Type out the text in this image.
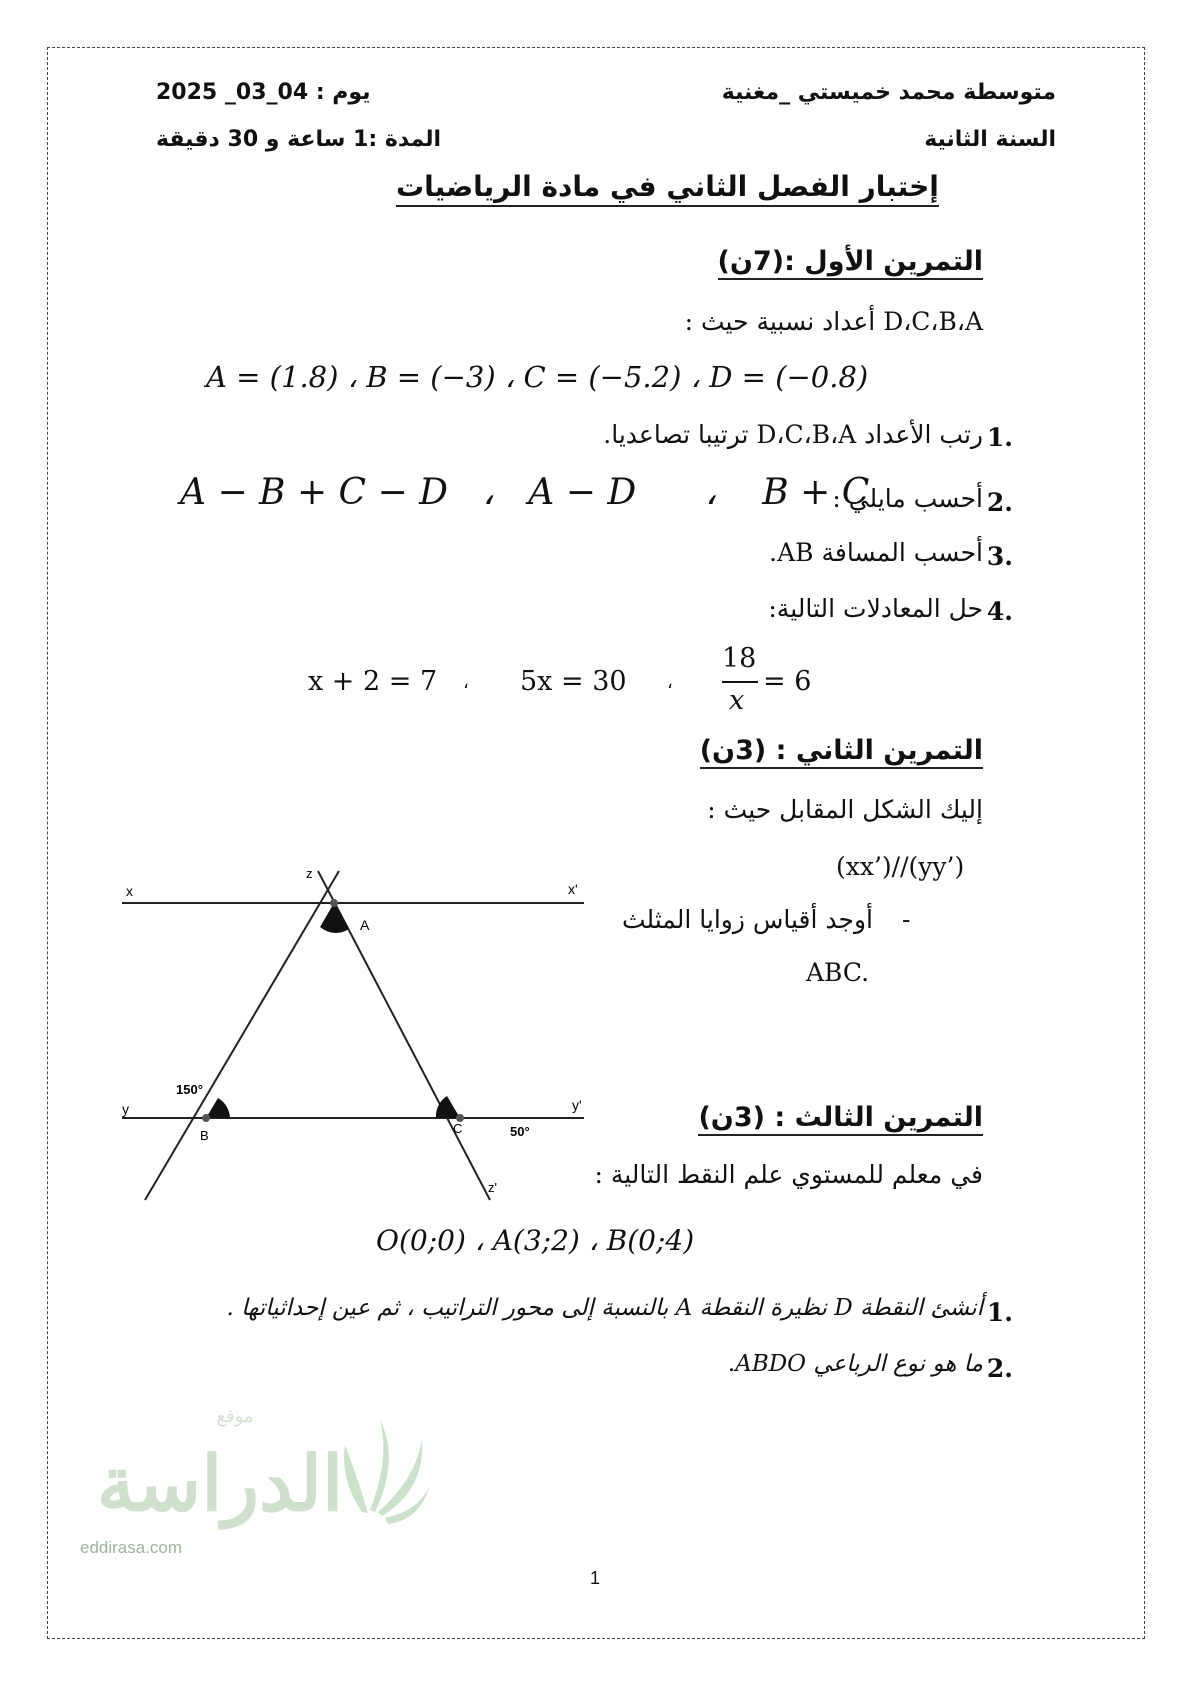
متوسطة محمد خميستي _مغنية
يوم : 04_03_ 2025
السنة الثانية
المدة :1 ساعة و 30 دقيقة
إختبار الفصل الثاني في مادة الرياضيات
التمرين الأول :(7ن)
D،C،B،A أعداد نسبية حيث :
A = (1.8) ، B = (−3) ، C = (−5.2) ، D = (−0.8)
1.
رتب الأعداد D،C،B،A ترتيبا تصاعديا.
2.
أحسب مايلي :
A − B + C − D   ،   A − D      ،    B + C
3.
أحسب المسافة AB.
4.
حل المعادلات التالية:
x + 2 = 7 ، 5x = 30 ،
18
x
= 6
التمرين الثاني : (3ن)
إليك الشكل المقابل حيث :
(xx’)//(yy’)
-
أوجد أقياس زوايا المثلث
ABC.
x	x'
z
A
y	y'
150°
B	C	50°
z'
التمرين الثالث : (3ن)
في معلم للمستوي علم النقط التالية :
O(0;0) ، A(3;2) ، B(0;4)
1.
أنشئ النقطة D نظيرة النقطة A بالنسبة إلى محور التراتيب ، ثم عين إحداثياتها .
2.
ما هو نوع الرباعي ABDO.
موقع
الدراسة
eddirasa.com
1
